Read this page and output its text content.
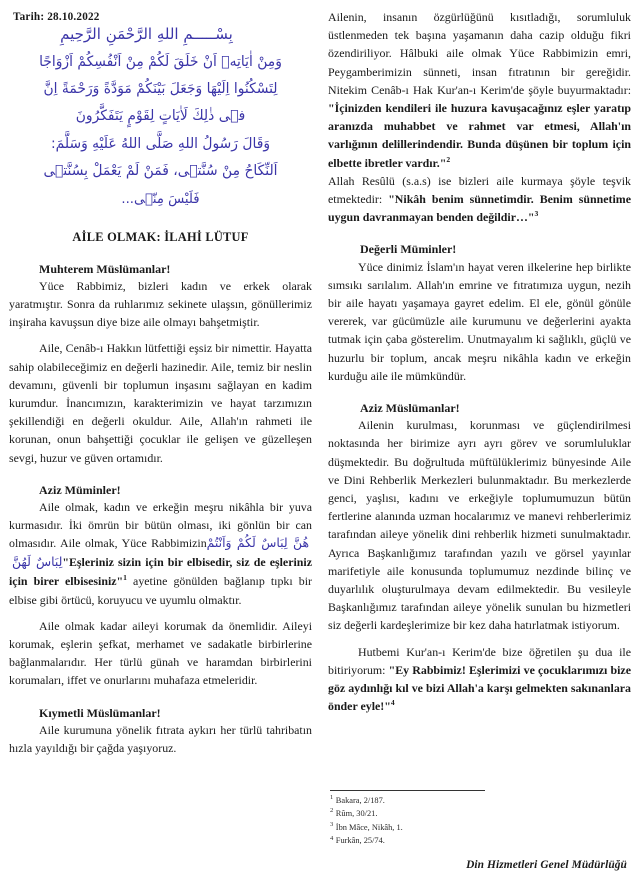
Tarih: 28.10.2022
بِسْـــــمِ اللهِ الرَّحْمَنِ الرَّحِيمِ
وَمِنْ اٰيَاتِهٖ اَنْ خَلَقَ لَكُمْ مِنْ اَنْفُسِكُمْ اَزْوَاجًا
لِتَسْكُنُوا اِلَيْهَا وَجَعَلَ بَيْنَكُمْ مَوَدَّةً وَرَحْمَةً اِنَّ
فٖى ذٰلِكَ لَاٰيَاتٍ لِقَوْمٍ يَتَفَكَّرُونَ
وَقَالَ رَسُولُ اللهِ صَلَّى اللهُ عَلَيْهِ وَسَلَّمَ:
اَلنِّكَاحُ مِنْ سُنَّتٖى، فَمَنْ لَمْ يَعْمَلْ بِسُنَّتٖى
فَلَيْسَ مِنّٖى...
AİLE OLMAK: İLAHİ LÜTUF
Muhterem Müslümanlar!

Yüce Rabbimiz, bizleri kadın ve erkek olarak yaratmıştır. Sonra da ruhlarımız sekinete ulaşsın, gönüllerimiz inşiraha kavuşsun diye bize aile olmayı bahşetmiştir.

Aile, Cenâb-ı Hakkın lütfettiği eşsiz bir nimettir. Hayatta sahip olabileceğimiz en değerli hazinedir. Aile, temiz bir neslin devamını, güvenli bir toplumun inşasını sağlayan en kadim kurumdur. İnancımızın, karakterimizin ve hayat tarzımızın şekillendiği en değerli okuldur. Aile, Allah'ın rahmeti ile korunan, onun bahşettiği çocuklar ile gelişen ve güzelleşen sevgi, huzur ve güven ortamıdır.

Aziz Müminler!

Aile olmak, kadın ve erkeğin meşru nikâhla bir yuva kurmasıdır. İki ömrün bir bütün olması, iki gönlün bir can olmasıdır. Aile olmak, Yüce Rabbimizinهُنَّ لِبَاسٌ لَكُمْ وَاَنْتُمْ لِبَاسٌ لَهُنَّ"Eşleriniz sizin için bir elbisedir, siz de eşleriniz için birer elbisesiniz"$^1$ ayetine gönülden bağlanıp tıpkı bir elbise gibi örtücü, koruyucu ve uyumlu olmaktır.

Aile olmak kadar aileyi korumak da önemlidir. Aileyi korumak, eşlerin şefkat, merhamet ve sadakatle birbirlerine bağlanmalarıdır. Her türlü günah ve haramdan birbirlerini korumaları, iffet ve onurlarını muhafaza etmeleridir.

Kıymetli Müslümanlar!

Aile kurumuna yönelik fıtrata aykırı her türlü tahribatın hızla yayıldığı bir çağda yaşıyoruz.

Ailenin, insanın özgürlüğünü kısıtladığı, sorumluluk üstlenmeden tek başına yaşamanın daha cazip olduğu fikri özendiriliyor. Hâlbuki aile olmak Yüce Rabbimizin emri, Peygamberimizin sünneti, insan fıtratının bir gereğidir. Nitekim Cenâb-ı Hak Kur'an-ı Kerim'de şöyle buyurmaktadır: "İçinizden kendileri ile huzura kavuşacağınız eşler yaratıp aranızda muhabbet ve rahmet var etmesi, Allah'ın varlığının delillerindendir. Bunda düşünen bir toplum için elbette ibretler vardır."$^2$

Allah Resûlü (s.a.s) ise bizleri aile kurmaya şöyle teşvik etmektedir: "Nikâh benim sünnetimdir. Benim sünnetime uygun davranmayan benden değildir…"$^3$

Değerli Müminler!

Yüce dinimiz İslam'ın hayat veren ilkelerine hep birlikte sımsıkı sarılalım. Allah'ın emrine ve fıtratımıza uygun, nezih bir aile hayatı yaşamaya gayret edelim. El ele, gönül gönüle vererek, var gücümüzle aile kurumunu ve değerlerini ayakta tutmak için çaba gösterelim. Unutmayalım ki sağlıklı, güçlü ve huzurlu bir toplum, ancak meşru nikâhla kadın ve erkeğin kurduğu aile ile mümkündür.

Aziz Müslümanlar!

Ailenin kurulması, korunması ve güçlendirilmesi noktasında her birimize ayrı ayrı görev ve sorumluluklar düşmektedir. Bu doğrultuda müftülüklerimiz bünyesinde Aile ve Dini Rehberlik Merkezleri bulunmaktadır. Bu merkezlerde genci, yaşlısı, kadını ve erkeğiyle toplumumuzun bütün fertlerine alanında uzman hocalarımız ve manevi rehberlerimiz tarafından aileye yönelik dini rehberlik hizmeti sunulmaktadır. Ayrıca Başkanlığımız tarafından yazılı ve görsel yayınlar marifetiyle aile konusunda toplumumuz nezdinde bilinç ve duyarlılık oluşturulmaya devam edilmektedir. Bu vesileyle Başkanlığımız tarafından aileye yönelik sunulan bu hizmetleri siz değerli kardeşlerimize bir kez daha hatırlatmak istiyorum.

Hutbemi Kur'an-ı Kerim'de bize öğretilen şu dua ile bitiriyorum: "Ey Rabbimiz! Eşlerimizi ve çocuklarımızı bize göz aydınlığı kıl ve bizi Allah'a karşı gelmekten sakınanlara önder eyle!"$^4$

$^1$ Bakara, 2/187.
$^2$ Rûm, 30/21.
$^3$ İbn Mâce, Nikâh, 1.
$^4$ Furkân, 25/74.
Din Hizmetleri Genel Müdürlüğü
